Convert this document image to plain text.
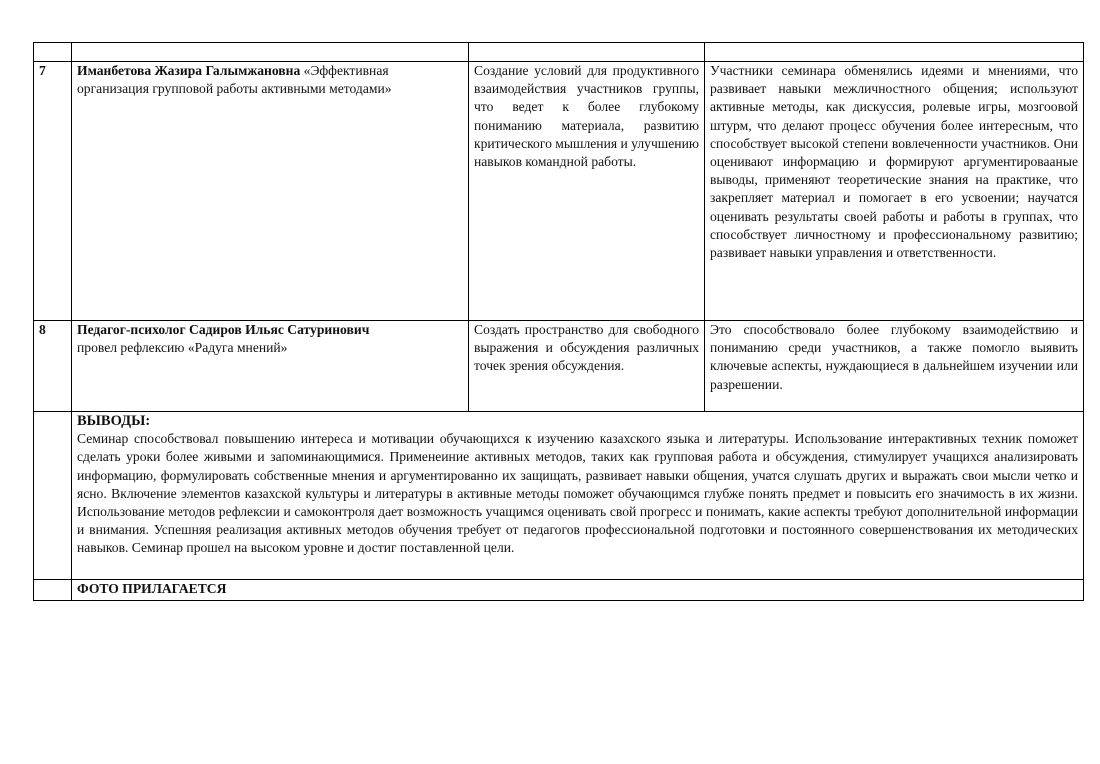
7	Иманбетова Жазира Галымжановна «Эффективная организация групповой работы активными методами»	Создание условий для продуктивного взаимодействия участников группы, что ведет к более глубокому пониманию материала, развитию критического мышления и улучшению навыков командной работы.	Участники семинара обменялись идеями и мнениями, что развивает навыки межличностного общения; используют активные методы, как дискуссия, ролевые игры, мозгоовой штурм, что делают процесс обучения более интересным, что способствует высокой степени вовлеченности участников. Они оценивают информацию и формируют аргументироваaные выводы, применяют теоретические знания на практике, что закрепляет материал и помогает в его усвоении; научатся оценивать результаты своей работы и работы в группах, что способствует личностному и профессиональному развитию; развивает навыки управления и ответственности.
8	Педагог-психолог Садиров Ильяс Сатуринович
провел рефлексию «Радуга мнений»	Создать пространство для свободного выражения и обсуждения различных точек зрения обсуждения.	Это способствовало более глубокому взаимодействию и пониманию среди участников, а также помогло выявить ключевые аспекты, нуждающиеся в дальнейшем изучении или разрешении.

	ВЫВОДЫ:
Семинар способствовал повышению интереса и мотивации обучающихся к изучению казахского языка и литературы. Использование интерактивных техник поможет сделать уроки более живыми и запоминающимися. Применеиние активных методов, таких как групповая работа и обсуждения, стимулирует учащихся анализировать информацию, формулировать собственные мнения и аргументированно их защищать, развивает навыки общения, учатся слушать других и выражать свои мысли четко и ясно. Включение элементов казахской культуры и литературы в активные методы поможет обучающимся глубже понять предмет и повысить его значимость в их жизни. Использование методов рефлексии и самоконтроля дает возможность учащимся оценивать свой прогресс и понимать, какие аспекты требуют дополнительной информации и внимания. Успешняя реализация активных методов обучения требует от педагогов профессиональной подготовки и постоянного совершенствования их методических навыков. Семинар прошел на высоком уровне и достиг поставленной цели.		

	ФОТО ПРИЛАГАЕТСЯ		
